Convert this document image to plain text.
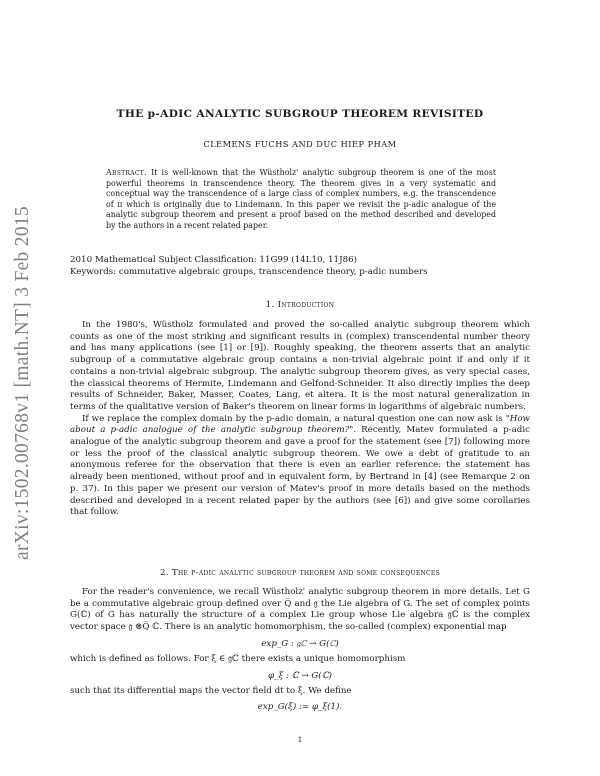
arXiv:1502.00768v1 [math.NT] 3 Feb 2015
THE p-ADIC ANALYTIC SUBGROUP THEOREM REVISITED
CLEMENS FUCHS AND DUC HIEP PHAM
Abstract. It is well-known that the Wüstholz' analytic subgroup theorem is one of the most powerful theorems in transcendence theory. The theorem gives in a very systematic and conceptual way the transcendence of a large class of complex numbers, e.g. the transcendence of π which is originally due to Lindemann. In this paper we revisit the p-adic analogue of the analytic subgroup theorem and present a proof based on the method described and developed by the authors in a recent related paper.
2010 Mathematical Subject Classification: 11G99 (14L10, 11J86)
Keywords: commutative algebraic groups, transcendence theory, p-adic numbers
1. Introduction

In the 1980's, Wüstholz formulated and proved the so-called analytic subgroup theorem which counts as one of the most striking and significant results in (complex) transcendental number theory and has many applications (see [1] or [9]). Roughly speaking, the theorem asserts that an analytic subgroup of a commutative algebraic group contains a non-trivial algebraic point if and only if it contains a non-trivial algebraic subgroup. The analytic subgroup theorem gives, as very special cases, the classical theorems of Hermite, Lindemann and Gelfond-Schneider. It also directly implies the deep results of Schneider, Baker, Masser, Coates, Lang, et altera. It is the most natural generalization in terms of the qualitative version of Baker's theorem on linear forms in logarithms of algebraic numbers.

If we replace the complex domain by the p-adic domain, a natural question one can now ask is "How about a p-adic analogue of the analytic subgroup theorem?". Recently, Matev formulated a p-adic analogue of the analytic subgroup theorem and gave a proof for the statement (see [7]) following more or less the proof of the classical analytic subgroup theorem. We owe a debt of gratitude to an anonymous referee for the observation that there is even an earlier reference: the statement has already been mentioned, without proof and in equivalent form, by Bertrand in [4] (see Remarque 2 on p. 37). In this paper we present our version of Matev's proof in more details based on the methods described and developed in a recent related paper by the authors (see [6]) and give some corollaries that follow.

2. The p-adic analytic subgroup theorem and some consequences

For the reader's convenience, we recall Wüstholz' analytic subgroup theorem in more details. Let G be a commutative algebraic group defined over Q̅ and 𝔤 the Lie algebra of G. The set of complex points G(ℂ) of G has naturally the structure of a complex Lie group whose Lie algebra 𝔤ℂ is the complex vector space 𝔤 ⊗Q̅ ℂ. There is an analytic homomorphism, the so-called (complex) exponential map

exp_G : 𝔤ℂ → G(ℂ)

which is defined as follows. For ξ ∈ 𝔤ℂ there exists a unique homomorphism

φ_ξ : ℂ → G(ℂ)

such that its differential maps the vector field dt to ξ. We define

exp_G(ξ) := φ_ξ(1).
1
